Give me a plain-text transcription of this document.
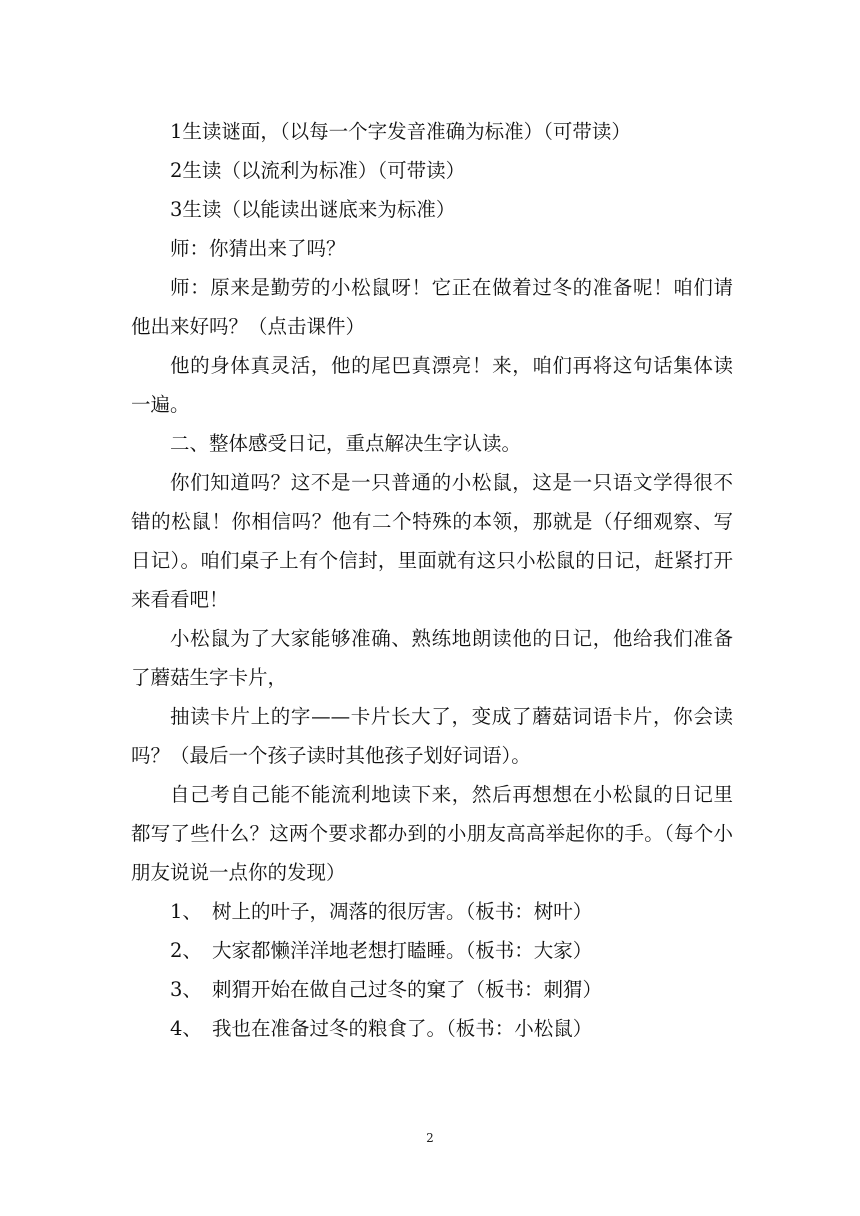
1生读谜面，（以每一个字发音准确为标准）（可带读）

2生读（以流利为标准）（可带读）

3生读（以能读出谜底来为标准）

师：你猜出来了吗？

师：原来是勤劳的小松鼠呀！它正在做着过冬的准备呢！咱们请他出来好吗？（点击课件）

他的身体真灵活，他的尾巴真漂亮！来，咱们再将这句话集体读一遍。

二、整体感受日记，重点解决生字认读。

你们知道吗？这不是一只普通的小松鼠，这是一只语文学得很不错的松鼠！你相信吗？他有二个特殊的本领，那就是（仔细观察、写日记）。咱们桌子上有个信封，里面就有这只小松鼠的日记，赶紧打开来看看吧！

小松鼠为了大家能够准确、熟练地朗读他的日记，他给我们准备了蘑菇生字卡片，

抽读卡片上的字——卡片长大了，变成了蘑菇词语卡片，你会读吗？（最后一个孩子读时其他孩子划好词语）。

自己考自己能不能流利地读下来，然后再想想在小松鼠的日记里都写了些什么？这两个要求都办到的小朋友高高举起你的手。（每个小朋友说说一点你的发现）

1、 树上的叶子，凋落的很厉害。（板书：树叶）
2、 大家都懒洋洋地老想打瞌睡。（板书：大家）
3、 刺猬开始在做自己过冬的窠了（板书：刺猬）
4、 我也在准备过冬的粮食了。（板书：小松鼠）
2
